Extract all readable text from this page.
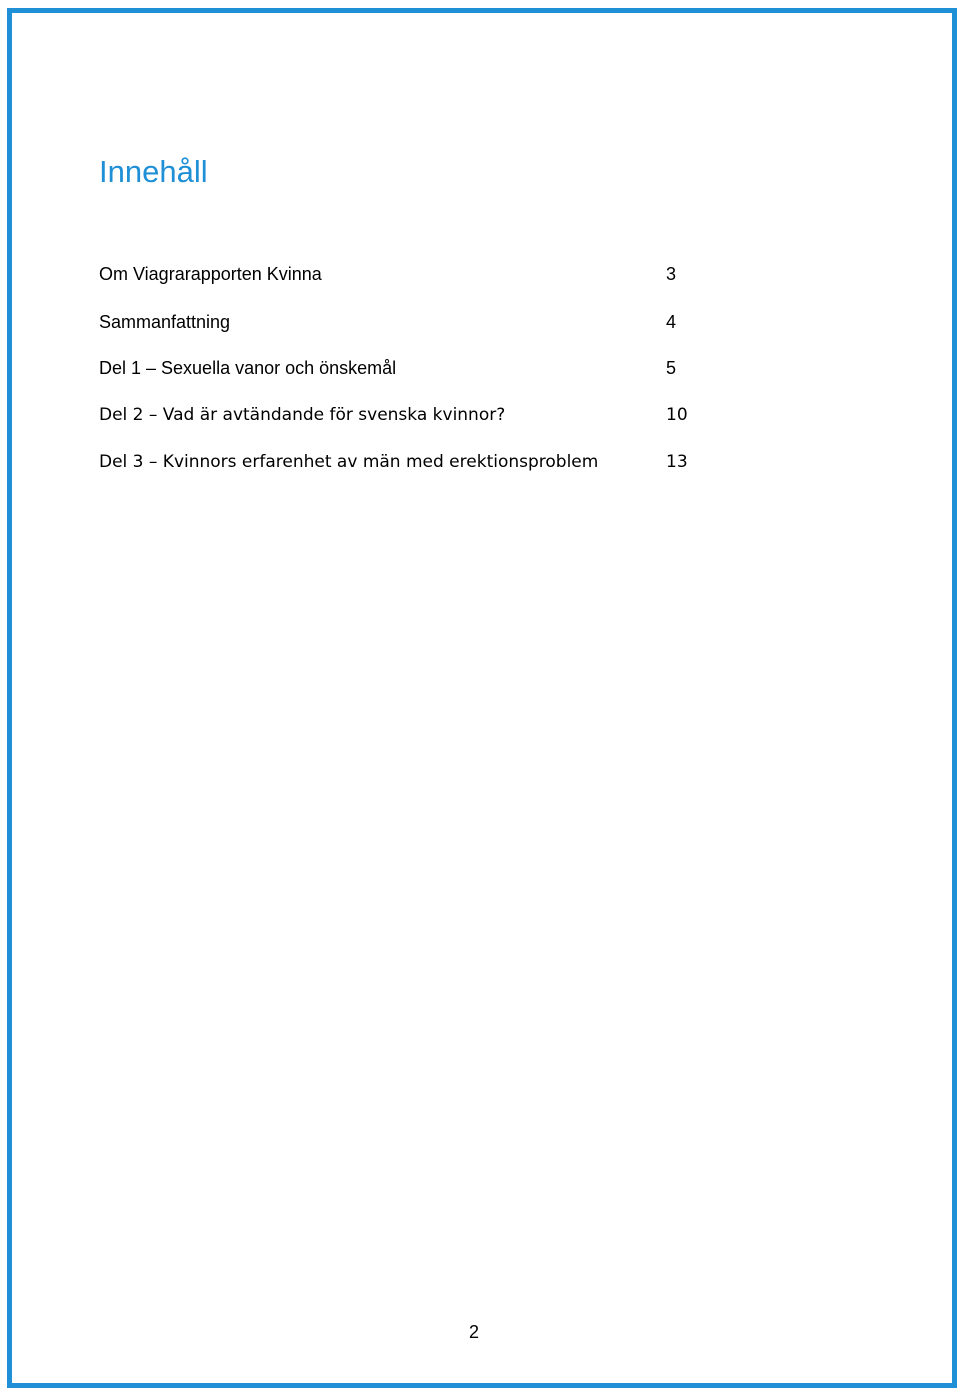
Innehåll
Om Viagrarapporten Kvinna	3
Sammanfattning	4
Del 1 – Sexuella vanor och önskemål	5
Del 2 – Vad är avtändande för svenska kvinnor?	10
Del 3 – Kvinnors erfarenhet av män med erektionsproblem	13
2
